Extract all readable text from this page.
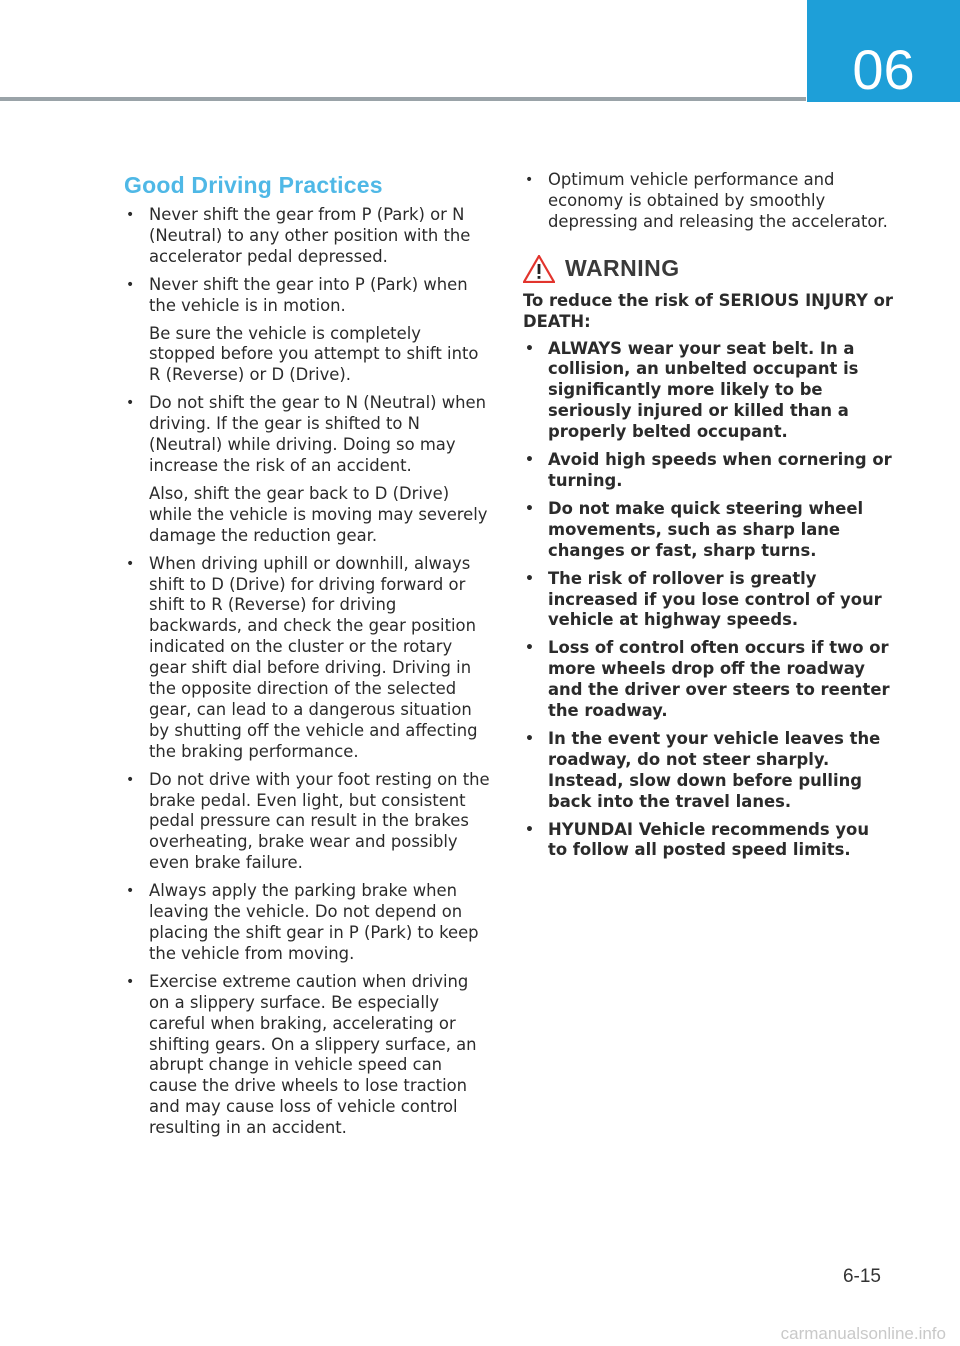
06
Good Driving Practices
• Never shift the gear from P (Park) or N (Neutral) to any other position with the accelerator pedal depressed.

• Never shift the gear into P (Park) when the vehicle is in motion.

Be sure the vehicle is completely stopped before you attempt to shift into R (Reverse) or D (Drive).

• Do not shift the gear to N (Neutral) when driving. If the gear is shifted to N (Neutral) while driving. Doing so may increase the risk of an accident.

Also, shift the gear back to D (Drive) while the vehicle is moving may severely damage the reduction gear.

• When driving uphill or downhill, always shift to D (Drive) for driving forward or shift to R (Reverse) for driving backwards, and check the gear position indicated on the cluster or the rotary gear shift dial before driving. Driving in the opposite direction of the selected gear, can lead to a dangerous situation by shutting off the vehicle and affecting the braking performance.

• Do not drive with your foot resting on the brake pedal. Even light, but consistent pedal pressure can result in the brakes overheating, brake wear and possibly even brake failure.

• Always apply the parking brake when leaving the vehicle. Do not depend on placing the shift gear in P (Park) to keep the vehicle from moving.

• Exercise extreme caution when driving on a slippery surface. Be especially careful when braking, accelerating or shifting gears. On a slippery surface, an abrupt change in vehicle speed can cause the drive wheels to lose traction and may cause loss of vehicle control resulting in an accident.

• Optimum vehicle performance and economy is obtained by smoothly depressing and releasing the accelerator.

WARNING

To reduce the risk of SERIOUS INJURY or DEATH:

• ALWAYS wear your seat belt. In a collision, an unbelted occupant is significantly more likely to be seriously injured or killed than a properly belted occupant.

• Avoid high speeds when cornering or turning.

• Do not make quick steering wheel movements, such as sharp lane changes or fast, sharp turns.

• The risk of rollover is greatly increased if you lose control of your vehicle at highway speeds.

• Loss of control often occurs if two or more wheels drop off the roadway and the driver over steers to reenter the roadway.

• In the event your vehicle leaves the roadway, do not steer sharply. Instead, slow down before pulling back into the travel lanes.

• HYUNDAI Vehicle recommends you to follow all posted speed limits.

6-15
carmanualsonline.info
